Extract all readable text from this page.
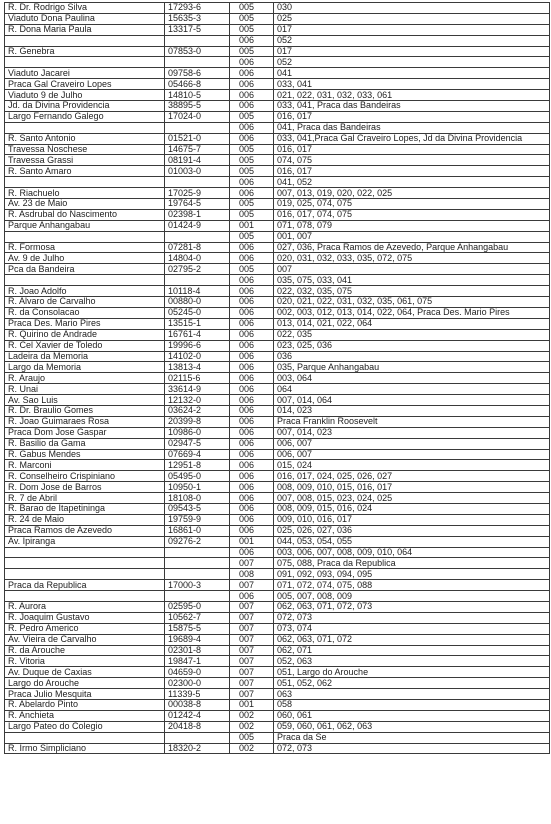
R. Dr. Rodrigo Silva	17293-6	005	030
Viaduto Dona Paulina	15635-3	005	025
R. Dona Maria Paula	13317-5	005	017
		006	052
R. Genebra	07853-0	005	017
		006	052
Viaduto Jacarei	09758-6	006	041
Praca Gal Craveiro Lopes	05466-8	006	033, 041
Viaduto 9 de Julho	14810-5	006	021, 022, 031, 032, 033, 061
Jd. da Divina Providencia	38895-5	006	033, 041, Praca das Bandeiras
Largo Fernando Galego	17024-0	005	016, 017
		006	041, Praca das Bandeiras
R. Santo Antonio	01521-0	006	033, 041,Praca Gal Craveiro Lopes, Jd da Divina Providencia
Travessa Noschese	14675-7	005	016, 017
Travessa Grassi	08191-4	005	074, 075
R. Santo Amaro	01003-0	005	016, 017
		006	041, 052
R. Riachuelo	17025-9	006	007, 013, 019, 020, 022, 025
Av. 23 de Maio	19764-5	005	019, 025, 074, 075
R. Asdrubal do Nascimento	02398-1	005	016, 017, 074, 075
Parque Anhangabau	01424-9	001	071, 078, 079
		005	001, 007
R. Formosa	07281-8	006	027, 036, Praca Ramos de Azevedo, Parque Anhangabau
Av. 9 de Julho	14804-0	006	020, 031, 032, 033, 035, 072, 075
Pca da Bandeira	02795-2	005	007
		006	035, 075, 033, 041
R. Joao Adolfo	10118-4	006	022, 032, 035, 075
R. Alvaro de Carvalho	00880-0	006	020, 021, 022, 031, 032, 035, 061, 075
R. da Consolacao	05245-0	006	002, 003, 012, 013, 014, 022, 064, Praca Des. Mario Pires
Praca Des. Mario Pires	13515-1	006	013, 014, 021, 022, 064
R. Quirino de Andrade	16761-4	006	022, 035
R. Cel Xavier de Toledo	19996-6	006	023, 025, 036
Ladeira da Memoria	14102-0	006	036
Largo da Memoria	13813-4	006	035, Parque Anhangabau
R. Araujo	02115-6	006	003, 064
R. Unai	33614-9	006	064
Av. Sao Luis	12132-0	006	007, 014, 064
R. Dr. Braulio Gomes	03624-2	006	014, 023
R. Joao Guimaraes Rosa	20399-8	006	Praca Franklin Roosevelt
Praca Dom Jose Gaspar	10986-0	006	007, 014, 023
R. Basilio da Gama	02947-5	006	006, 007
R. Gabus Mendes	07669-4	006	006, 007
R. Marconi	12951-8	006	015, 024
R. Conselheiro Crispiniano	05495-0	006	016, 017, 024, 025, 026, 027
R. Dom Jose de Barros	10950-1	006	008, 009, 010, 015, 016, 017
R. 7 de Abril	18108-0	006	007, 008, 015, 023, 024, 025
R. Barao de Itapetininga	09543-5	006	008, 009, 015, 016, 024
R. 24 de Maio	19759-9	006	009, 010, 016, 017
Praca Ramos de Azevedo	16861-0	006	025, 026, 027, 036
Av. Ipiranga	09276-2	001	044, 053, 054, 055
		006	003, 006, 007, 008, 009, 010, 064
		007	075, 088, Praca da Republica
		008	091, 092, 093, 094, 095
Praca da Republica	17000-3	007	071, 072, 074, 075, 088
		006	005, 007, 008, 009
R. Aurora	02595-0	007	062, 063, 071, 072, 073
R. Joaquim Gustavo	10562-7	007	072, 073
R. Pedro Americo	15875-5	007	073, 074
Av. Vieira de Carvalho	19689-4	007	062, 063, 071, 072
R. da Arouche	02301-8	007	062, 071
R. Vitoria	19847-1	007	052, 063
Av. Duque de Caxias	04659-0	007	051, Largo do Arouche
Largo do Arouche	02300-0	007	051, 052, 062
Praca Julio Mesquita	11339-5	007	063
R. Abelardo Pinto	00038-8	001	058
R. Anchieta	01242-4	002	060, 061
Largo Pateo do Colegio	20418-8	002	059, 060, 061, 062, 063
		005	Praca da Se
R. Irmo Simpliciano	18320-2	002	072, 073
